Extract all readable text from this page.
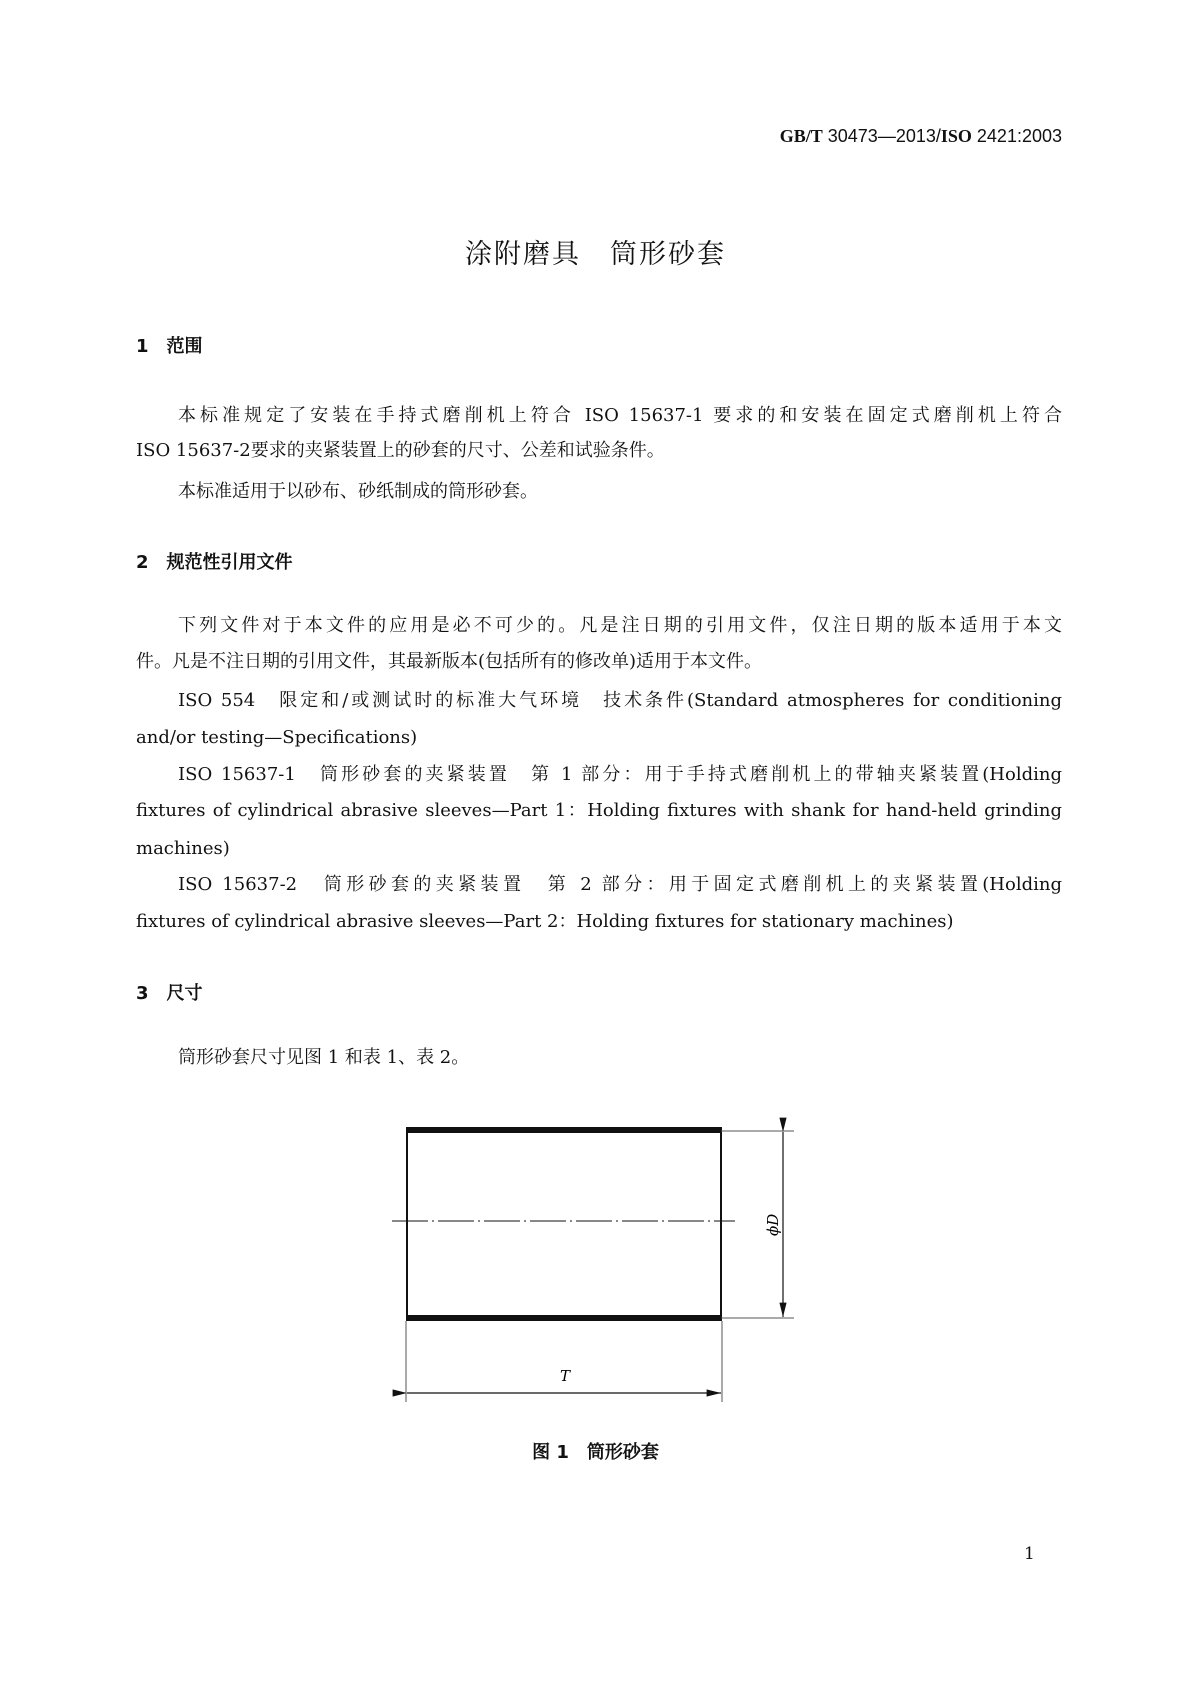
GB/T 30473—2013/ISO 2421:2003
涂附磨具　筒形砂套
1　范围
本标准规定了安装在手持式磨削机上符合 ISO 15637-1 要求的和安装在固定式磨削机上符合
ISO 15637-2要求的夹紧装置上的砂套的尺寸、公差和试验条件。
本标准适用于以砂布、砂纸制成的筒形砂套。
2　规范性引用文件
下列文件对于本文件的应用是必不可少的。凡是注日期的引用文件，仅注日期的版本适用于本文
件。凡是不注日期的引用文件，其最新版本(包括所有的修改单)适用于本文件。
ISO 554　限定和/或测试时的标准大气环境　技术条件(Standard atmospheres for conditioning
and/or testing—Specifications)
ISO 15637-1　筒形砂套的夹紧装置　第 1 部分：用于手持式磨削机上的带轴夹紧装置(Holding
fixtures of cylindrical abrasive sleeves—Part 1：Holding fixtures with shank for hand-held grinding
machines)
ISO 15637-2　筒形砂套的夹紧装置　第 2 部分：用于固定式磨削机上的夹紧装置(Holding
fixtures of cylindrical abrasive sleeves—Part 2：Holding fixtures for stationary machines)
3　尺寸
筒形砂套尺寸见图 1 和表 1、表 2。
ϕD
T
图 1　筒形砂套
1
